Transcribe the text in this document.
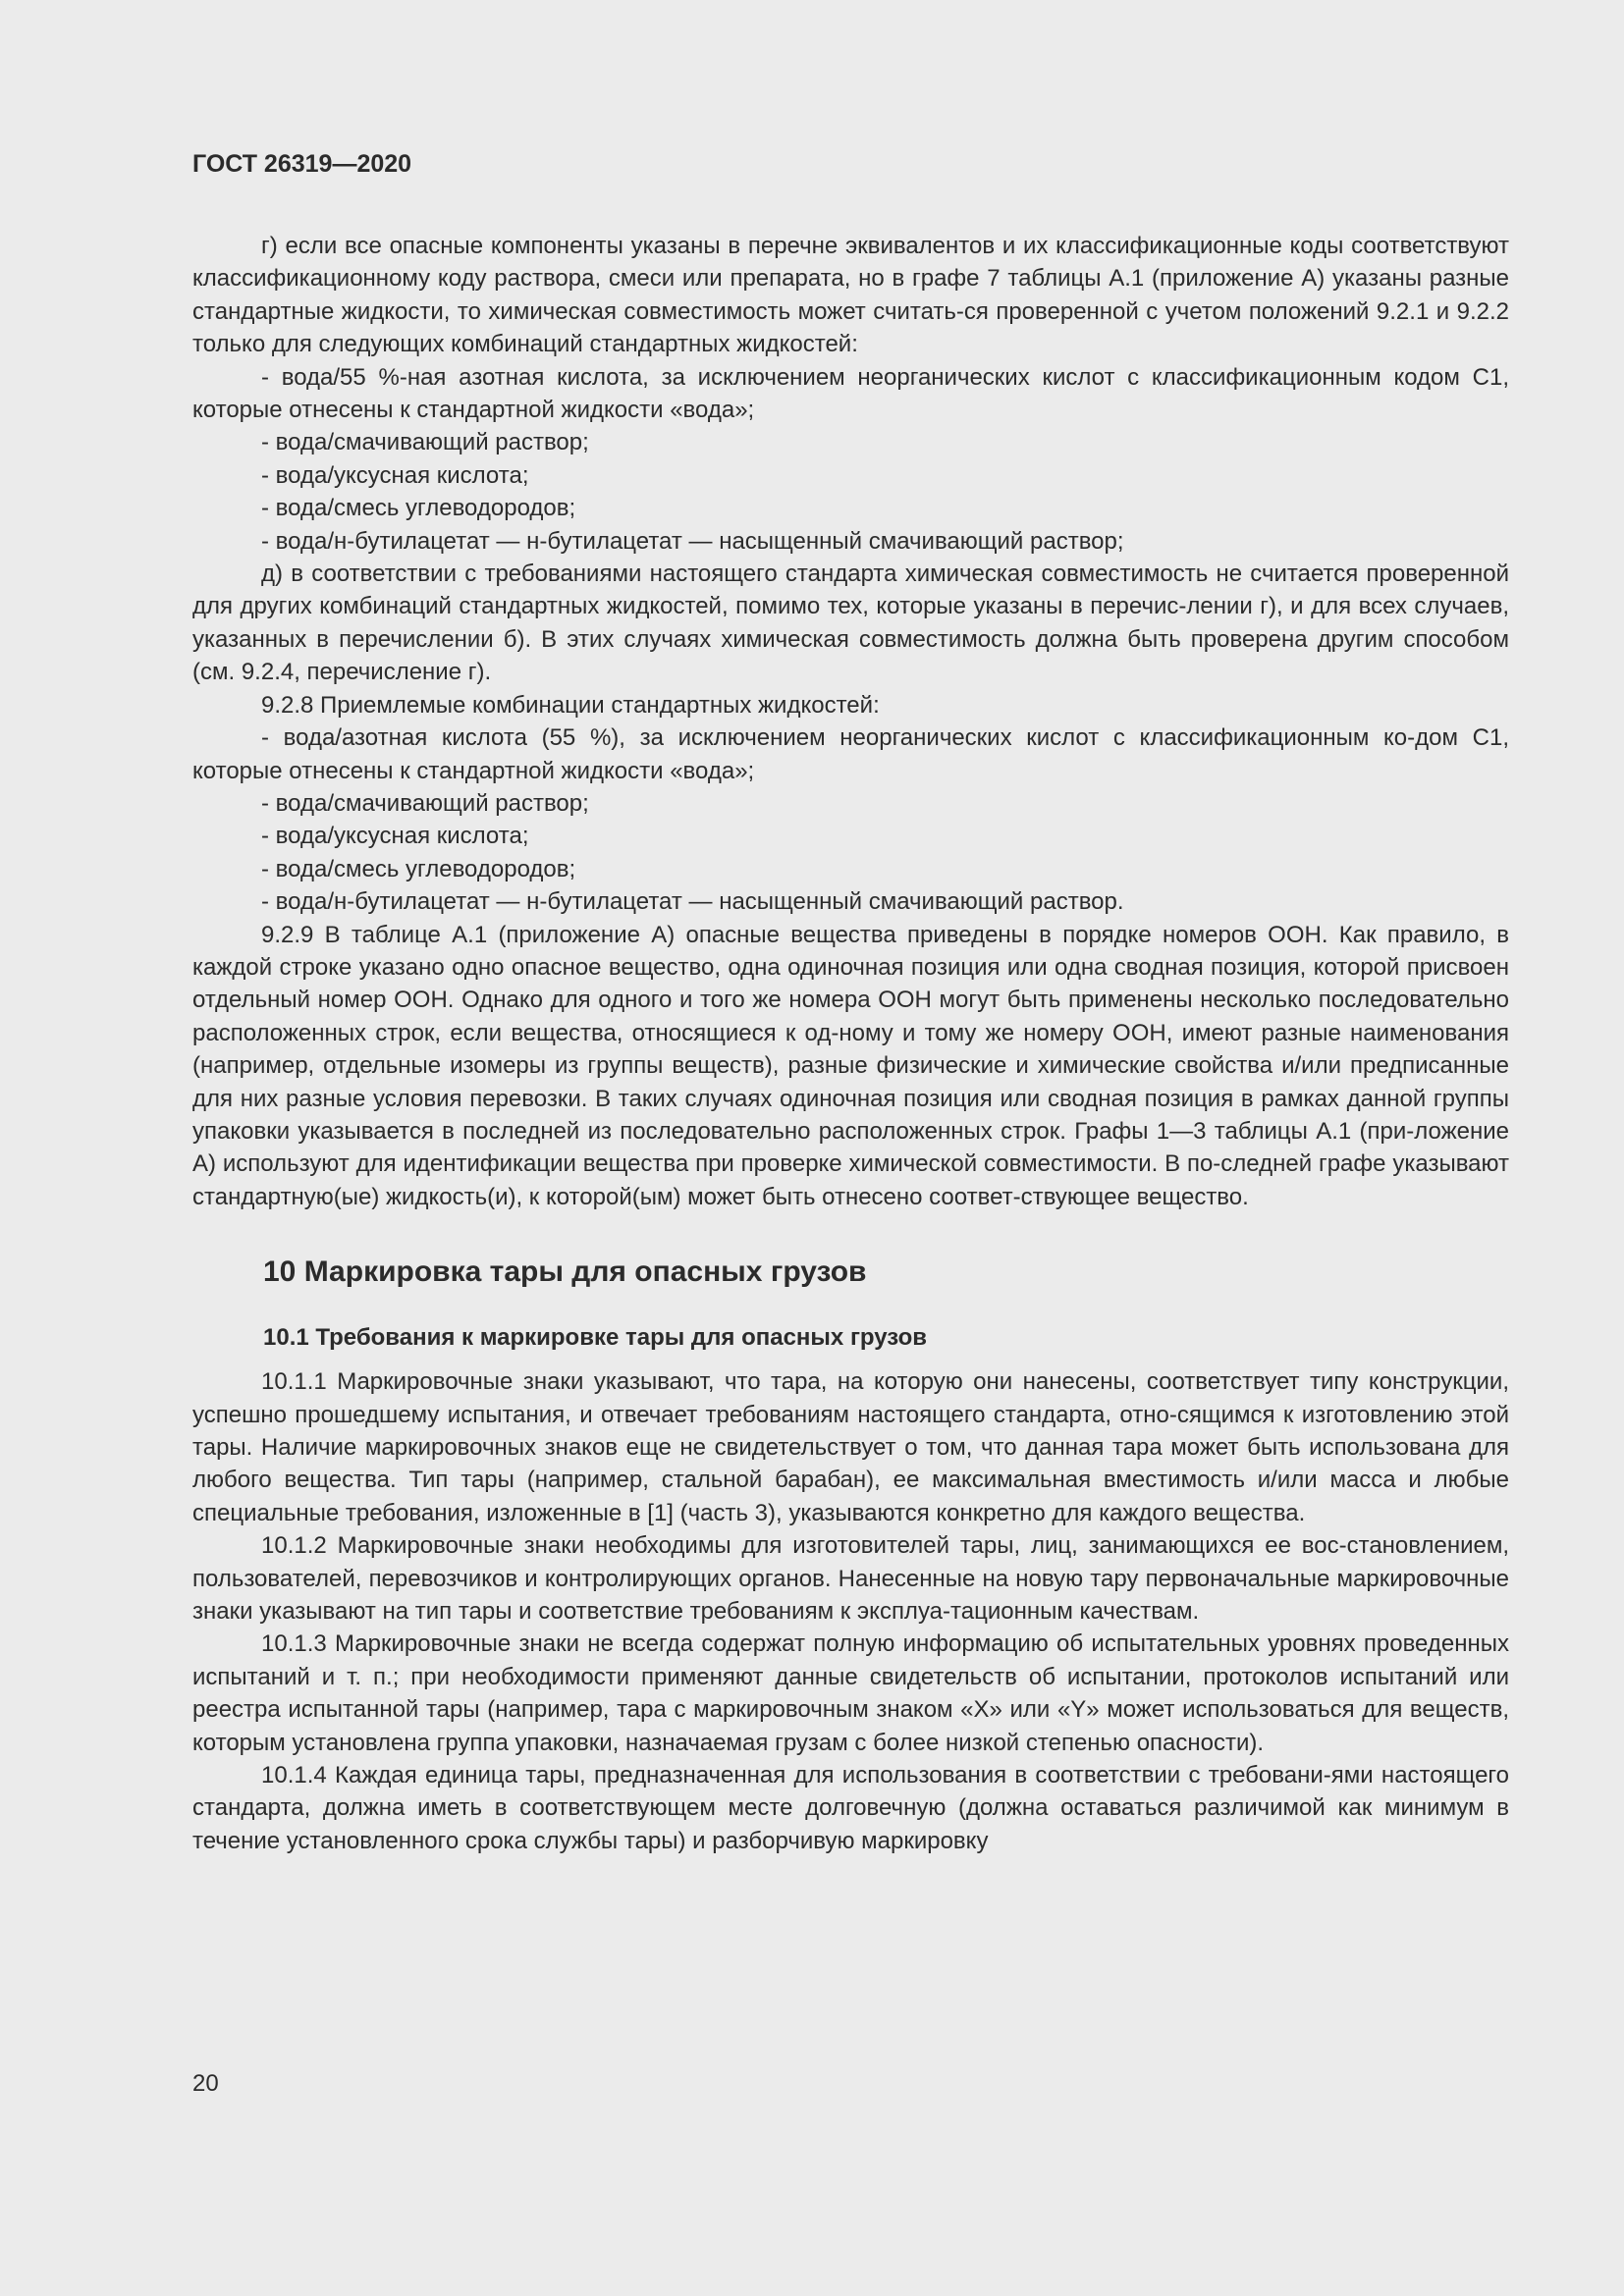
ГОСТ 26319—2020

г) если все опасные компоненты указаны в перечне эквивалентов и их классификационные коды соответствуют классификационному коду раствора, смеси или препарата, но в графе 7 таблицы А.1 (приложение А) указаны разные стандартные жидкости, то химическая совместимость может считать-ся проверенной с учетом положений 9.2.1 и 9.2.2 только для следующих комбинаций стандартных жидкостей:

- вода/55 %-ная азотная кислота, за исключением неорганических кислот с классификационным кодом С1, которые отнесены к стандартной жидкости «вода»;

- вода/смачивающий раствор;

- вода/уксусная кислота;

- вода/смесь углеводородов;

- вода/н-бутилацетат — н-бутилацетат — насыщенный смачивающий раствор;

д) в соответствии с требованиями настоящего стандарта химическая совместимость не считается проверенной для других комбинаций стандартных жидкостей, помимо тех, которые указаны в перечис-лении г), и для всех случаев, указанных в перечислении б). В этих случаях химическая совместимость должна быть проверена другим способом (см. 9.2.4, перечисление г).

9.2.8 Приемлемые комбинации стандартных жидкостей:

- вода/азотная кислота (55 %), за исключением неорганических кислот с классификационным ко-дом С1, которые отнесены к стандартной жидкости «вода»;

- вода/смачивающий раствор;

- вода/уксусная кислота;

- вода/смесь углеводородов;

- вода/н-бутилацетат — н-бутилацетат — насыщенный смачивающий раствор.

9.2.9 В таблице А.1 (приложение А) опасные вещества приведены в порядке номеров ООН. Как правило, в каждой строке указано одно опасное вещество, одна одиночная позиция или одна сводная позиция, которой присвоен отдельный номер ООН. Однако для одного и того же номера ООН могут быть применены несколько последовательно расположенных строк, если вещества, относящиеся к од-ному и тому же номеру ООН, имеют разные наименования (например, отдельные изомеры из группы веществ), разные физические и химические свойства и/или предписанные для них разные условия перевозки. В таких случаях одиночная позиция или сводная позиция в рамках данной группы упаковки указывается в последней из последовательно расположенных строк. Графы 1—3 таблицы А.1 (при-ложение А) используют для идентификации вещества при проверке химической совместимости. В по-следней графе указывают стандартную(ые) жидкость(и), к которой(ым) может быть отнесено соответ-ствующее вещество.

10 Маркировка тары для опасных грузов
10.1 Требования к маркировке тары для опасных грузов

10.1.1 Маркировочные знаки указывают, что тара, на которую они нанесены, соответствует типу конструкции, успешно прошедшему испытания, и отвечает требованиям настоящего стандарта, отно-сящимся к изготовлению этой тары. Наличие маркировочных знаков еще не свидетельствует о том, что данная тара может быть использована для любого вещества. Тип тары (например, стальной барабан), ее максимальная вместимость и/или масса и любые специальные требования, изложенные в [1] (часть 3), указываются конкретно для каждого вещества.

10.1.2 Маркировочные знаки необходимы для изготовителей тары, лиц, занимающихся ее вос-становлением, пользователей, перевозчиков и контролирующих органов. Нанесенные на новую тару первоначальные маркировочные знаки указывают на тип тары и соответствие требованиям к эксплуа-тационным качествам.

10.1.3 Маркировочные знаки не всегда содержат полную информацию об испытательных уровнях проведенных испытаний и т. п.; при необходимости применяют данные свидетельств об испытании, протоколов испытаний или реестра испытанной тары (например, тара с маркировочным знаком «X» или «Y» может использоваться для веществ, которым установлена группа упаковки, назначаемая грузам с более низкой степенью опасности).

10.1.4 Каждая единица тары, предназначенная для использования в соответствии с требовани-ями настоящего стандарта, должна иметь в соответствующем месте долговечную (должна оставаться различимой как минимум в течение установленного срока службы тары) и разборчивую маркировку

20
